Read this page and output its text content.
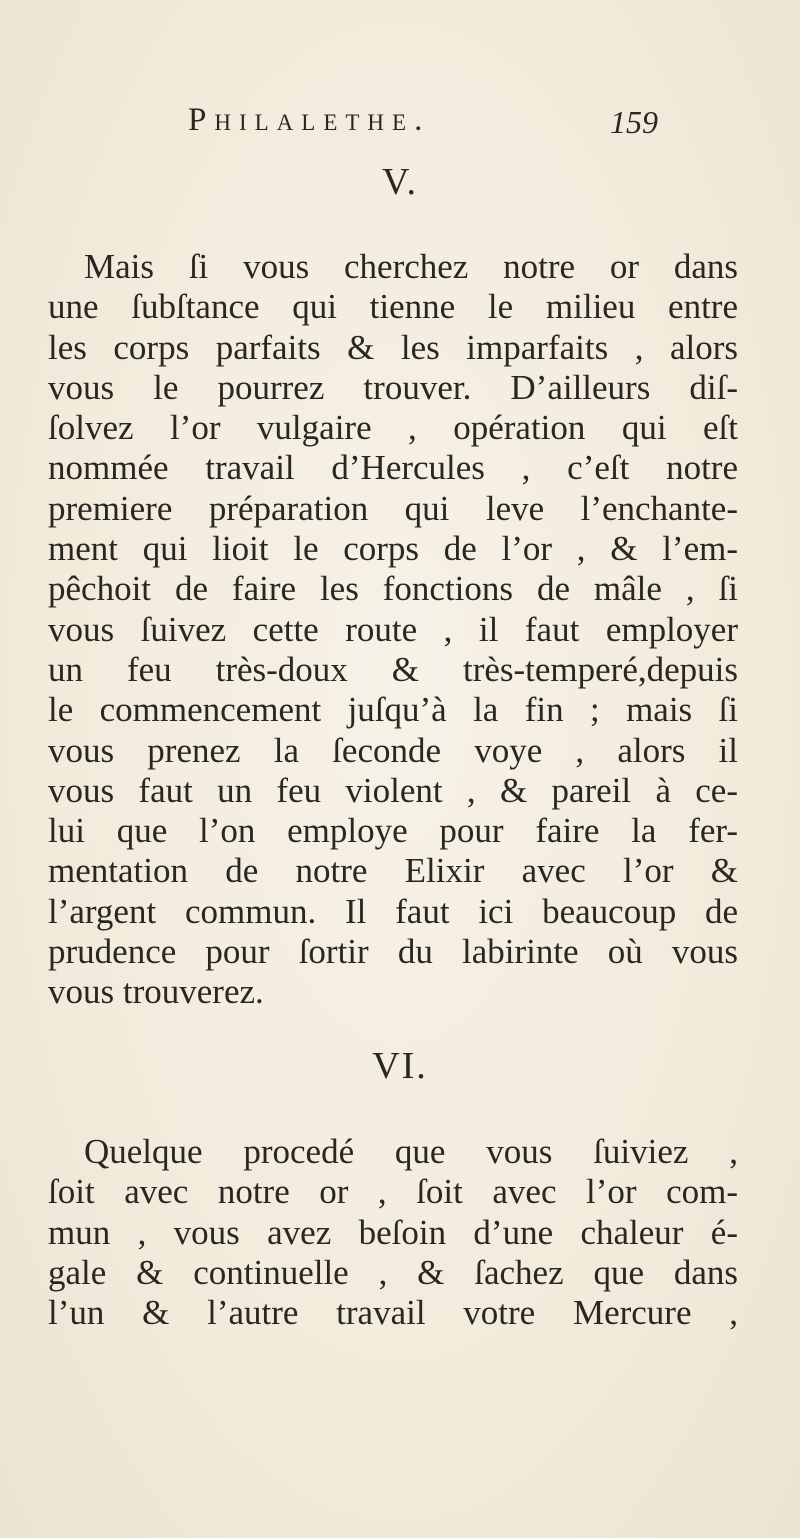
Philalethe.	159
V.
Mais ſi vous cherchez notre or dans
une ſubſtance qui tienne le milieu entre
les corps parfaits & les imparfaits , alors
vous le pourrez trouver. D’ailleurs diſ-
ſolvez l’or vulgaire , opération qui eſt
nommée travail d’Hercules , c’eſt notre
premiere préparation qui leve l’enchante-
ment qui lioit le corps de l’or , & l’em-
pêchoit de faire les fonctions de mâle , ſi
vous ſuivez cette route , il faut employer
un feu très-doux & très-temperé,depuis
le commencement juſqu’à la fin ; mais ſi
vous prenez la ſeconde voye , alors il
vous faut un feu violent , & pareil à ce-
lui que l’on employe pour faire la fer-
mentation de notre Elixir avec l’or &
l’argent commun. Il faut ici beaucoup de
prudence pour ſortir du labirinte où vous
vous trouverez.
VI.
Quelque procedé que vous ſuiviez ,
ſoit avec notre or , ſoit avec l’or com-
mun , vous avez beſoin d’une chaleur é-
gale & continuelle , & ſachez que dans
l’un & l’autre travail votre Mercure ,
